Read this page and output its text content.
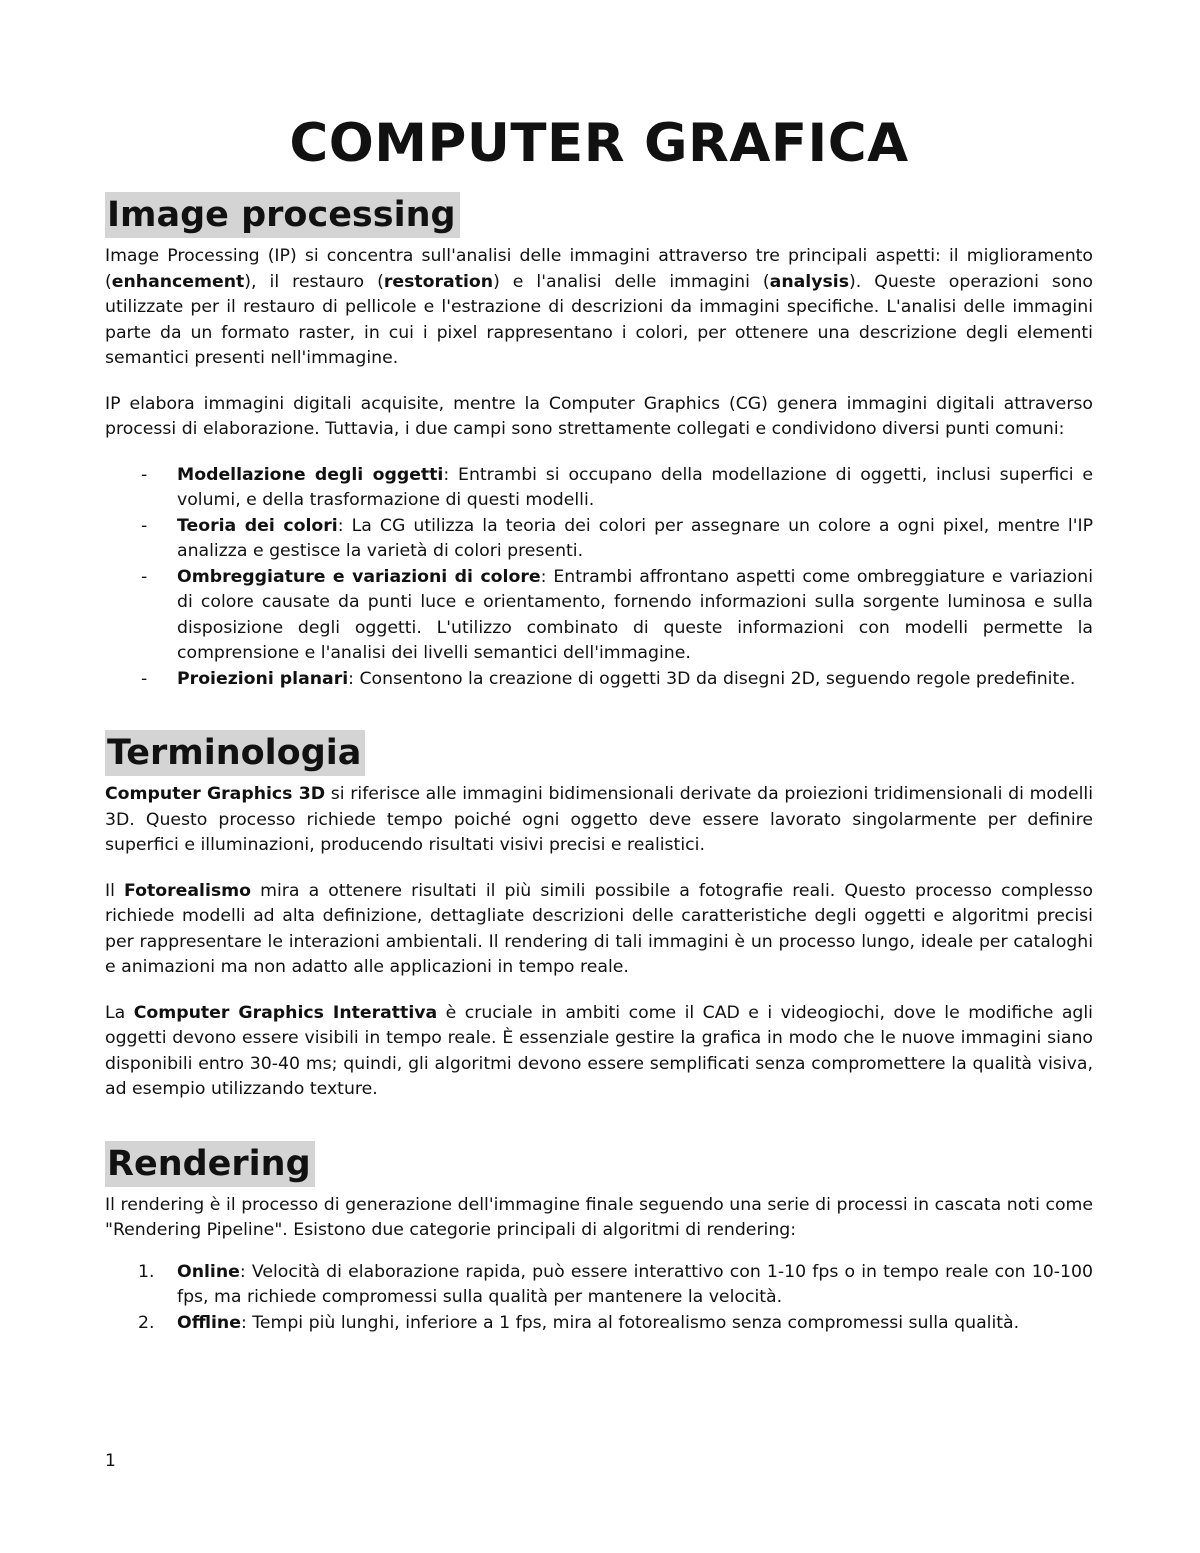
COMPUTER GRAFICA
Image processing

Image Processing (IP) si concentra sull'analisi delle immagini attraverso tre principali aspetti: il miglioramento (enhancement), il restauro (restoration) e l'analisi delle immagini (analysis). Queste operazioni sono utilizzate per il restauro di pellicole e l'estrazione di descrizioni da immagini specifiche. L'analisi delle immagini parte da un formato raster, in cui i pixel rappresentano i colori, per ottenere una descrizione degli elementi semantici presenti nell'immagine.

IP elabora immagini digitali acquisite, mentre la Computer Graphics (CG) genera immagini digitali attraverso processi di elaborazione. Tuttavia, i due campi sono strettamente collegati e condividono diversi punti comuni:

- Modellazione degli oggetti: Entrambi si occupano della modellazione di oggetti, inclusi superfici e volumi, e della trasformazione di questi modelli.
- Teoria dei colori: La CG utilizza la teoria dei colori per assegnare un colore a ogni pixel, mentre l'IP analizza e gestisce la varietà di colori presenti.
- Ombreggiature e variazioni di colore: Entrambi affrontano aspetti come ombreggiature e variazioni di colore causate da punti luce e orientamento, fornendo informazioni sulla sorgente luminosa e sulla disposizione degli oggetti. L'utilizzo combinato di queste informazioni con modelli permette la comprensione e l'analisi dei livelli semantici dell'immagine.
- Proiezioni planari: Consentono la creazione di oggetti 3D da disegni 2D, seguendo regole predefinite.
Terminologia

Computer Graphics 3D si riferisce alle immagini bidimensionali derivate da proiezioni tridimensionali di modelli 3D. Questo processo richiede tempo poiché ogni oggetto deve essere lavorato singolarmente per definire superfici e illuminazioni, producendo risultati visivi precisi e realistici.

Il Fotorealismo mira a ottenere risultati il più simili possibile a fotografie reali. Questo processo complesso richiede modelli ad alta definizione, dettagliate descrizioni delle caratteristiche degli oggetti e algoritmi precisi per rappresentare le interazioni ambientali. Il rendering di tali immagini è un processo lungo, ideale per cataloghi e animazioni ma non adatto alle applicazioni in tempo reale.

La Computer Graphics Interattiva è cruciale in ambiti come il CAD e i videogiochi, dove le modifiche agli oggetti devono essere visibili in tempo reale. È essenziale gestire la grafica in modo che le nuove immagini siano disponibili entro 30-40 ms; quindi, gli algoritmi devono essere semplificati senza compromettere la qualità visiva, ad esempio utilizzando texture.

Rendering

Il rendering è il processo di generazione dell'immagine finale seguendo una serie di processi in cascata noti come "Rendering Pipeline". Esistono due categorie principali di algoritmi di rendering:

1. Online: Velocità di elaborazione rapida, può essere interattivo con 1-10 fps o in tempo reale con 10-100 fps, ma richiede compromessi sulla qualità per mantenere la velocità.
2. Offline: Tempi più lunghi, inferiore a 1 fps, mira al fotorealismo senza compromessi sulla qualità.
1
